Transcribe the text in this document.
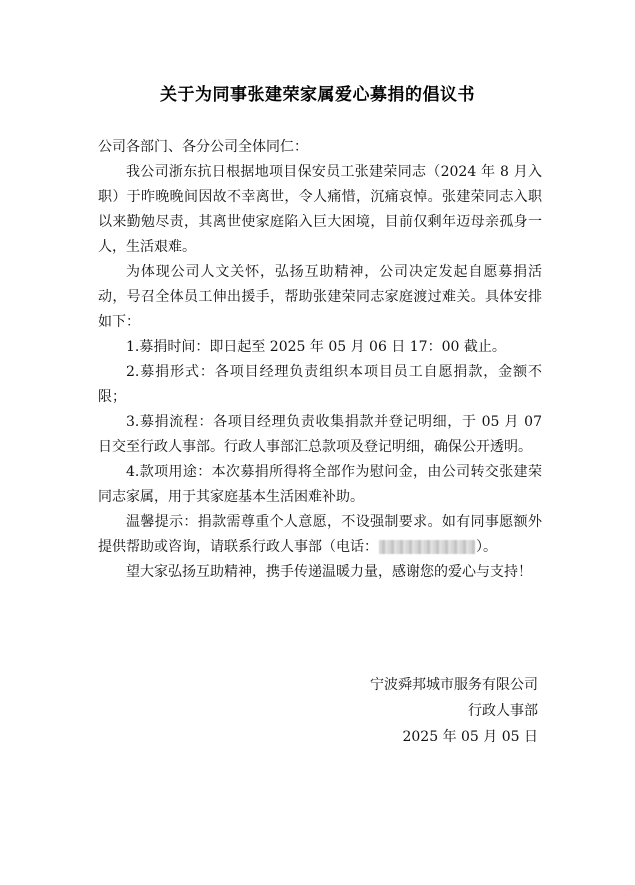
关于为同事张建荣家属爱心募捐的倡议书

公司各部门、各分公司全体同仁：

我公司浙东抗日根据地项目保安员工张建荣同志（2024 年 8 月入职）于昨晚晚间因故不幸离世，令人痛惜，沉痛哀悼。张建荣同志入职以来勤勉尽责，其离世使家庭陷入巨大困境，目前仅剩年迈母亲孤身一人，生活艰难。

为体现公司人文关怀，弘扬互助精神，公司决定发起自愿募捐活动，号召全体员工伸出援手，帮助张建荣同志家庭渡过难关。具体安排如下：

1.募捐时间：即日起至 2025 年 05 月 06 日 17：00 截止。

2.募捐形式：各项目经理负责组织本项目员工自愿捐款，金额不限；

3.募捐流程：各项目经理负责收集捐款并登记明细，于 05 月 07 日交至行政人事部。行政人事部汇总款项及登记明细，确保公开透明。

4.款项用途：本次募捐所得将全部作为慰问金，由公司转交张建荣同志家属，用于其家庭基本生活困难补助。

温馨提示：捐款需尊重个人意愿，不设强制要求。如有同事愿额外提供帮助或咨询，请联系行政人事部（电话：	）。

望大家弘扬互助精神，携手传递温暖力量，感谢您的爱心与支持！

宁波舜邦城市服务有限公司
行政人事部
2025 年 05 月 05 日
